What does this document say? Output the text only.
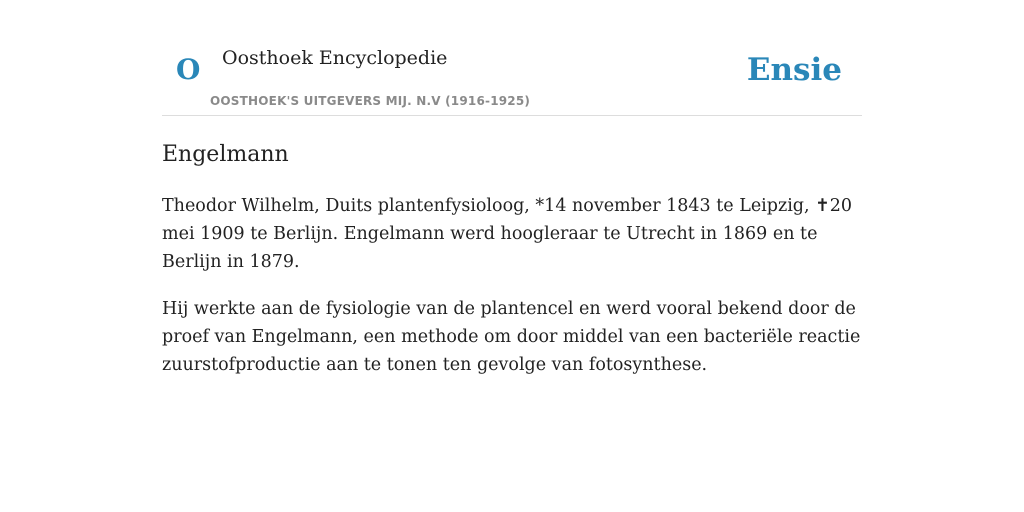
O Oosthoek Encyclopedie
OOSTHOEK'S UITGEVERS MIJ. N.V (1916-1925)
Ensie
Engelmann

Theodor Wilhelm, Duits plantenfysioloog, *14 november 1843 te Leipzig, ✝20 mei 1909 te Berlijn. Engelmann werd hoogleraar te Utrecht in 1869 en te Berlijn in 1879.

Hij werkte aan de fysiologie van de plantencel en werd vooral bekend door de proef van Engelmann, een methode om door middel van een bacteriële reactie zuurstofproductie aan te tonen ten gevolge van fotosynthese.
